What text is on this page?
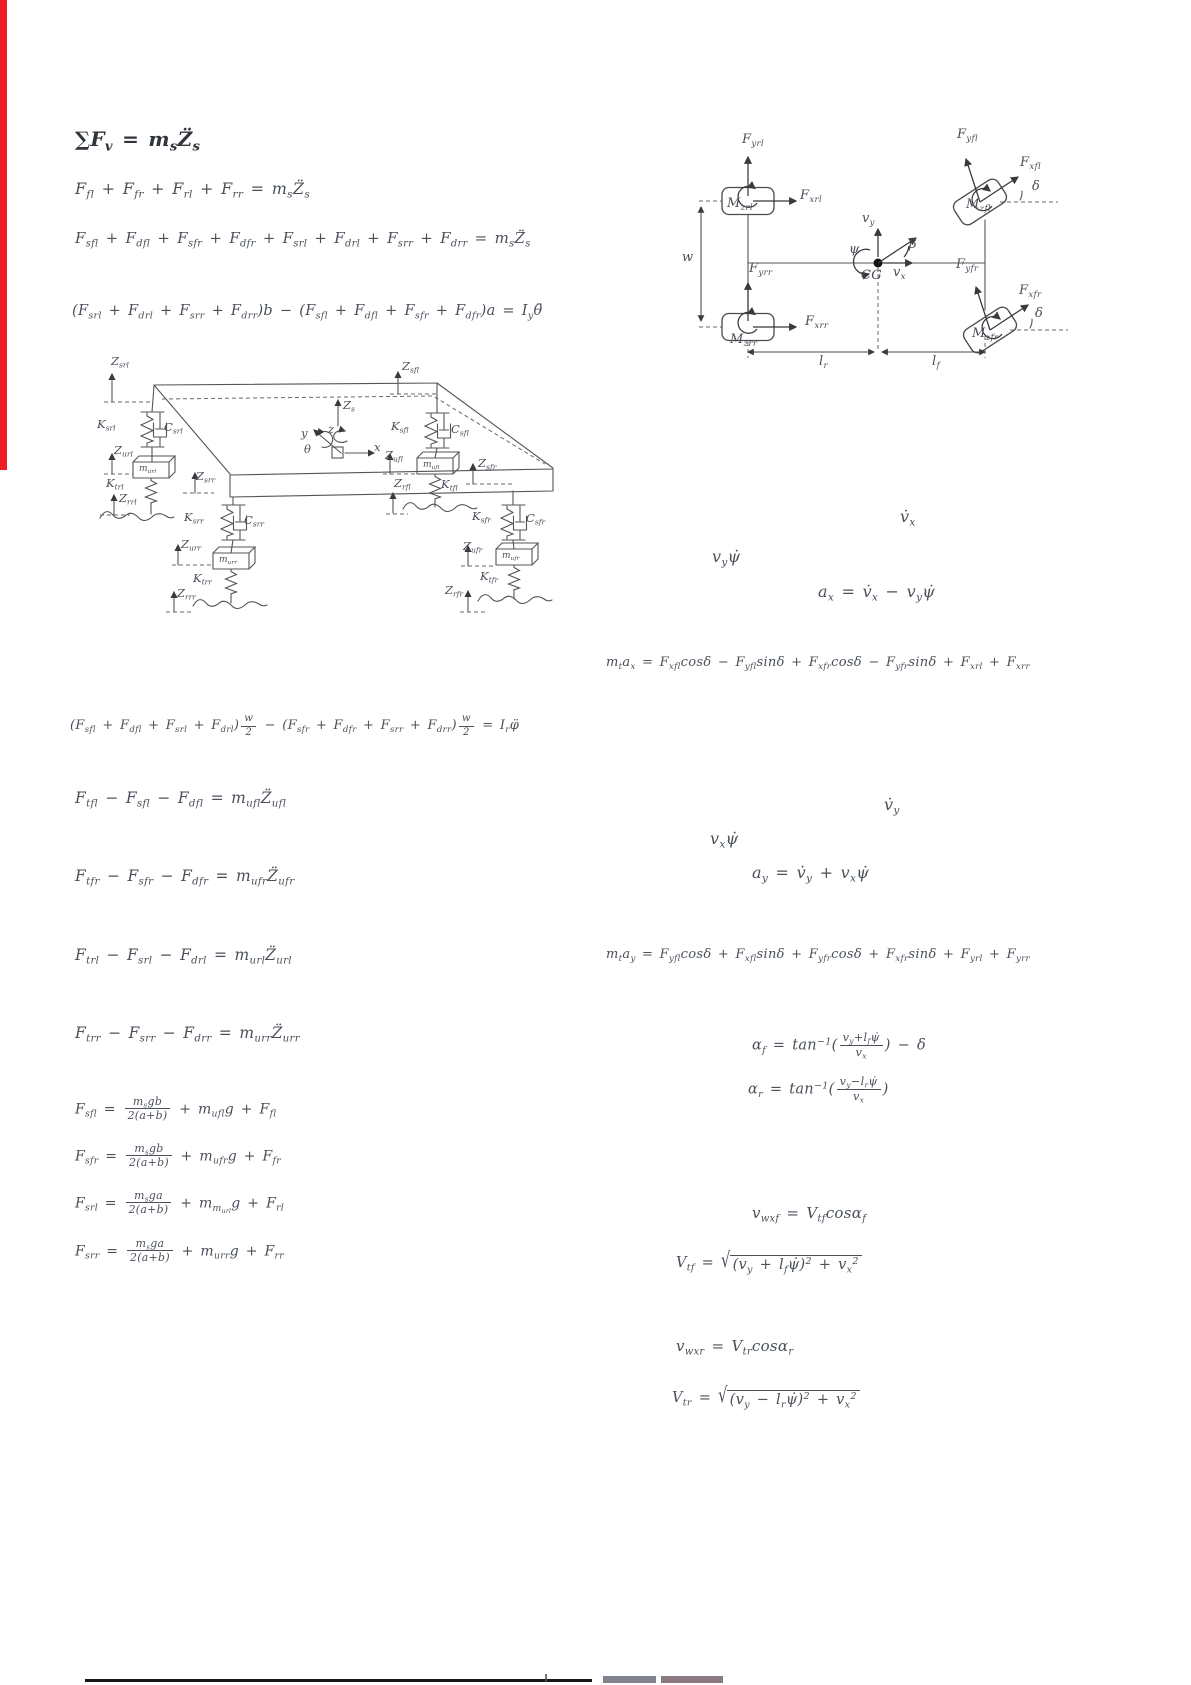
$\sum F_v$ = $m_sZ̈_s$
$F_{fl} + F_{fr} + F_{rl} + F_{rr}$ = $m_sZ̈_s$
$F_{sfl} + F_{dfl} + F_{sfr} + F_{dfr} + F_{srl} + F_{drl} + F_{srr} + F_{drr}$ = $m_sZ̈_s$
$(F_{srl} + F_{drl} + F_{srr} + F_{drr})b - (F_{sfl} + F_{dfl} + F_{sfr} + F_{dfr})a$ = $I_y\thetä$
$(F_{sfl} + F_{dfl} + F_{srl} + F_{drl}) \frac{w}{2} - (F_{sfr} + F_{dfr} + F_{srr} + F_{drr}) \frac{w}{2}$ = $I_r\varphï$
$F_{tfl} - F_{sfl} - F_{dfl}$ = $m_{ufl}Z̈_{ufl}$
$F_{tfr} - F_{sfr} - F_{dfr}$ = $m_{ufr}Z̈_{ufr}$
$F_{trl} - F_{srl} - F_{drl}$ = $m_{url}Z̈_{url}$
$F_{trr} - F_{srr} - F_{drr}$ = $m_{urr}Z̈_{urr}$
$F_{sfl} = \frac{m_sgb}{2(a+b)} + m_{ufl}g + F_{fl}$
$F_{sfr} = \frac{m_sgb}{2(a+b)} + m_{ufr}g + F_{fr}$
$F_{srl} = \frac{m_sga}{2(a+b)} + m_{m_{url}}g + F_{rl}$
$F_{srr} = \frac{m_sga}{2(a+b)} + m_{urr}g + F_{rr}$
$v̇_x$
$v_y\psi̇$
$a_x$ = $v̇_x$ − $v_y\psi̇$
$m_ta_x = F_{xfl}\cos\delta - F_{yfl}\sin\delta + F_{xfr}\cos\delta - F_{yfr}\sin\delta + F_{xrl} + F_{xrr}$
$v̇_y$
$v_x\psi̇$
$a_y$ = $v̇_y$ + $v_x\psi̇$
$m_ta_y = F_{yfl}\cos\delta + F_{xfl}\sin\delta + F_{yfr}\cos\delta + F_{xfr}\sin\delta + F_{yrl} + F_{yrr}$
$\alpha_f = \tan^{-1}( \frac{v_y+l_f\psi̇}{v_x}$ ) − δ
$\alpha_r = \tan^{-1}( \frac{v_y-l_r\psi̇}{v_x}$ )
$v_{wxf} = V_{tf}\cos\alpha_f$
$V_{tf}$ = √ ($v_y$ + $l_f\psi̇)^2 + v_x^2$
$v_{wxr} = V_{tr}\cos\alpha_r$
$V_{tr}$ = √ ($v_y$ − $l_r\psi̇)^2 + v_x^2$
$Z_{srl}$
$K_{srl}$	$C_{srl}$
$Z_{url}$
$m_{url}$
$K_{trl}$
$Z_{rrl}$
$Z_{srr}$
$K_{srr}$	$C_{srr}$
$Z_{urr}$
$m_{urr}$
$K_{trr}$
$Z_{rrr}$
$Z_{sfl}$
$K_{sfl}$	$C_{sfl}$
$Z_{ufl}$
$m_{ufl}$
$Z_{rfl}$	$K_{tfl}$
$Z_{sfr}$
$K_{sfr}$	$C_{sfr}$
$Z_{ufr}$
$m_{ufr}$
$K_{tfr}$
$Z_{rfr}$
$Z_s$
z
y
θ	x
$F_{yrl}$
$F_{xrl}$
$M_{zrl}$
$F_{yrr}$
$F_{xrr}$
$M_{zrr}$
$F_{yfl}$
$F_{xfl}$
δ
$M_{zfl}$
$F_{yfr}$
$F_{xfr}$
δ
$M_{zfr}$
$v_y$
$v_x$
β
ψ
CG
w
$l_r$	$l_f$
